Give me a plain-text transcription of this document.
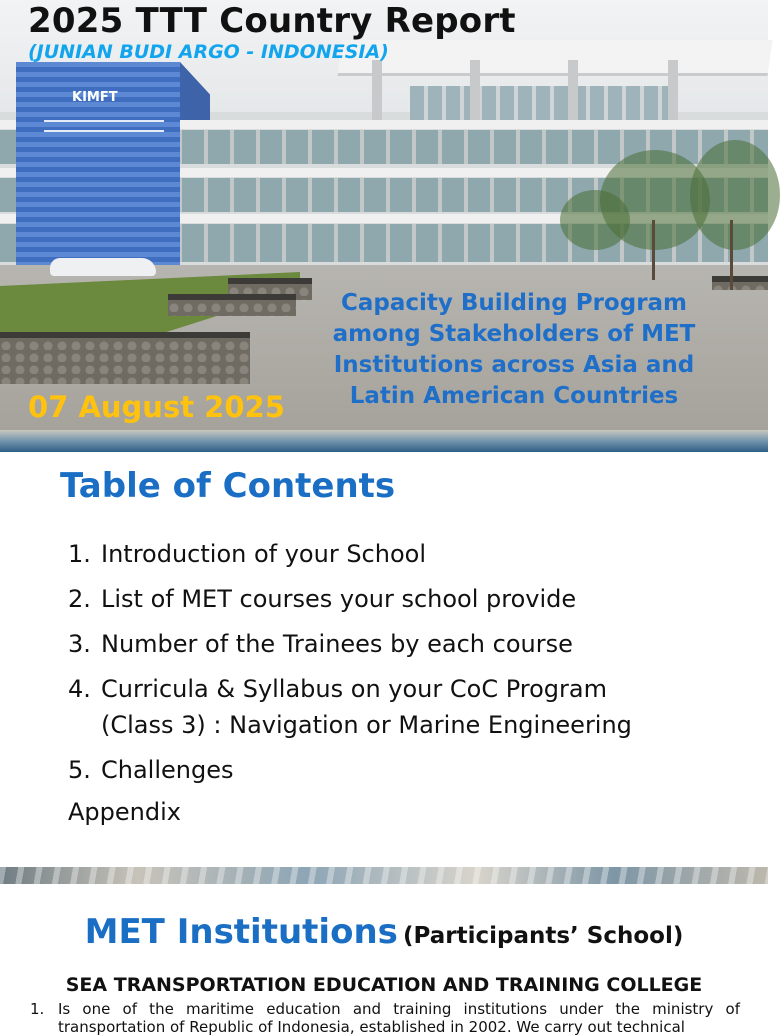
KIMFT
2025 TTT Country Report
(JUNIAN BUDI ARGO - INDONESIA)
Capacity Building Program among Stakeholders of MET Institutions across Asia and Latin American Countries
07 August 2025
Table of Contents
1. Introduction of your School
2. List of MET courses your school provide
3. Number of the Trainees by each course
4. Curricula & Syllabus on your CoC Program
(Class 3) : Navigation or Marine Engineering
5. Challenges
Appendix
MET Institutions (Participants’ School)
SEA TRANSPORTATION EDUCATION AND TRAINING COLLEGE
1. Is one of the maritime education and training institutions under the ministry of transportation of Republic of Indonesia, established in 2002. We carry out technical
